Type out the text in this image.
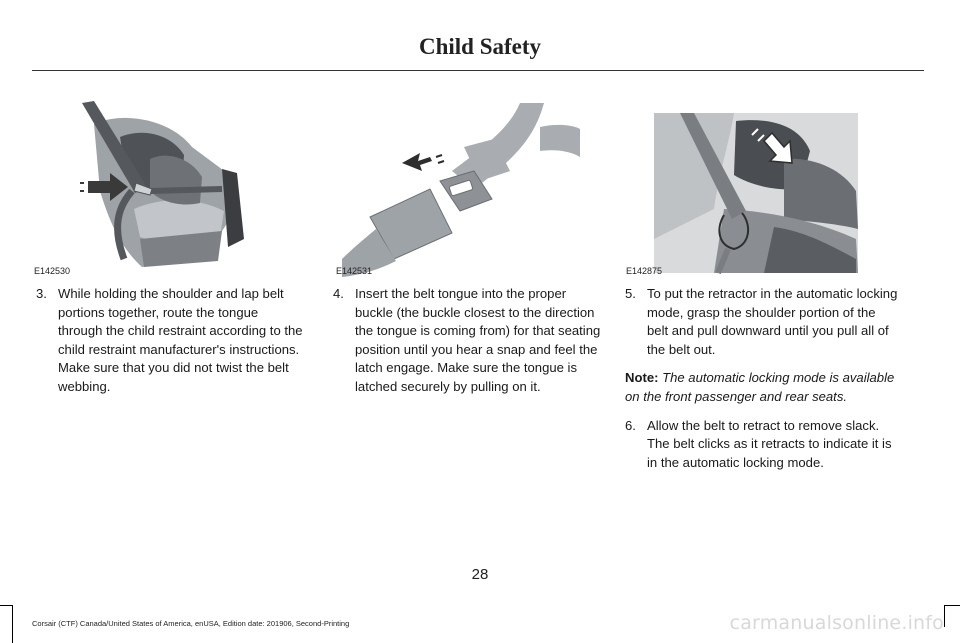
Child Safety
E142530	E142531	E142875
3. While holding the shoulder and lap belt portions together, route the tongue through the child restraint according to the child restraint manufacturer's instructions. Make sure that you did not twist the belt webbing.
4. Insert the belt tongue into the proper buckle (the buckle closest to the direction the tongue is coming from) for that seating position until you hear a snap and feel the latch engage. Make sure the tongue is latched securely by pulling on it.
5. To put the retractor in the automatic locking mode, grasp the shoulder portion of the belt and pull downward until you pull all of the belt out.
Note: The automatic locking mode is available on the front passenger and rear seats.
6. Allow the belt to retract to remove slack. The belt clicks as it retracts to indicate it is in the automatic locking mode.
28
Corsair (CTF) Canada/United States of America, enUSA, Edition date: 201906, Second-Printing	carmanualsonline.info
